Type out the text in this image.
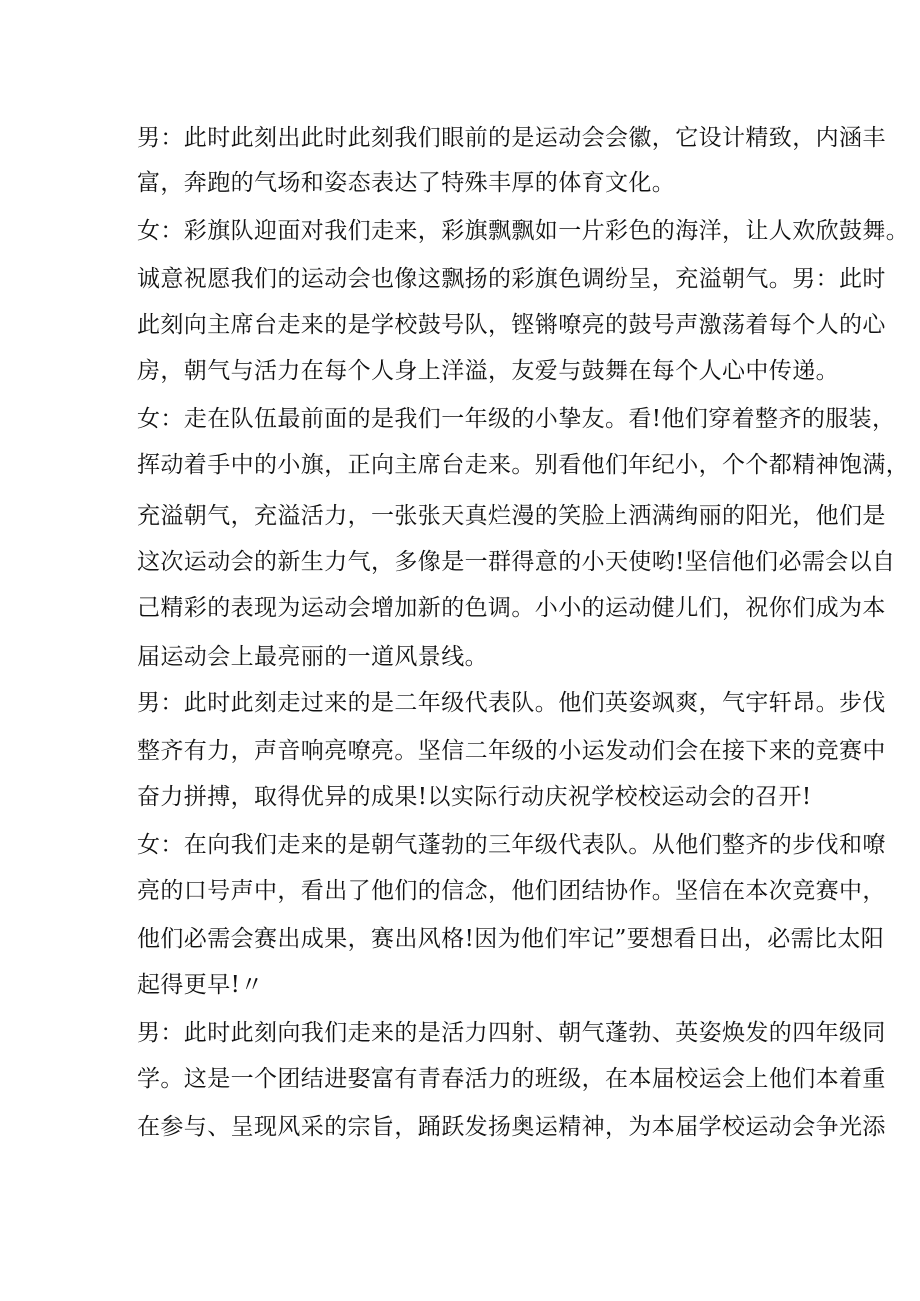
男：此时此刻出此时此刻我们眼前的是运动会会徽，它设计精致，内涵丰
富，奔跑的气场和姿态表达了特殊丰厚的体育文化。
女：彩旗队迎面对我们走来，彩旗飘飘如一片彩色的海洋，让人欢欣鼓舞。
诚意祝愿我们的运动会也像这飘扬的彩旗色调纷呈，充溢朝气。男：此时
此刻向主席台走来的是学校鼓号队，铿锵嘹亮的鼓号声激荡着每个人的心
房，朝气与活力在每个人身上洋溢，友爱与鼓舞在每个人心中传递。
女：走在队伍最前面的是我们一年级的小挚友。看!他们穿着整齐的服装，
挥动着手中的小旗，正向主席台走来。别看他们年纪小，个个都精神饱满，
充溢朝气，充溢活力，一张张天真烂漫的笑脸上洒满绚丽的阳光，他们是
这次运动会的新生力气，多像是一群得意的小天使哟!坚信他们必需会以自
己精彩的表现为运动会增加新的色调。小小的运动健儿们，祝你们成为本
届运动会上最亮丽的一道风景线。
男：此时此刻走过来的是二年级代表队。他们英姿飒爽，气宇轩昂。步伐
整齐有力，声音响亮嘹亮。坚信二年级的小运发动们会在接下来的竞赛中
奋力拼搏，取得优异的成果!以实际行动庆祝学校校运动会的召开!
女：在向我们走来的是朝气蓬勃的三年级代表队。从他们整齐的步伐和嘹
亮的口号声中，看出了他们的信念，他们团结协作。坚信在本次竞赛中，
他们必需会赛出成果，赛出风格!因为他们牢记”要想看日出，必需比太阳
起得更早!〃
男：此时此刻向我们走来的是活力四射、朝气蓬勃、英姿焕发的四年级同
学。这是一个团结进娶富有青春活力的班级，在本届校运会上他们本着重
在参与、呈现风采的宗旨，踊跃发扬奥运精神，为本届学校运动会争光添
